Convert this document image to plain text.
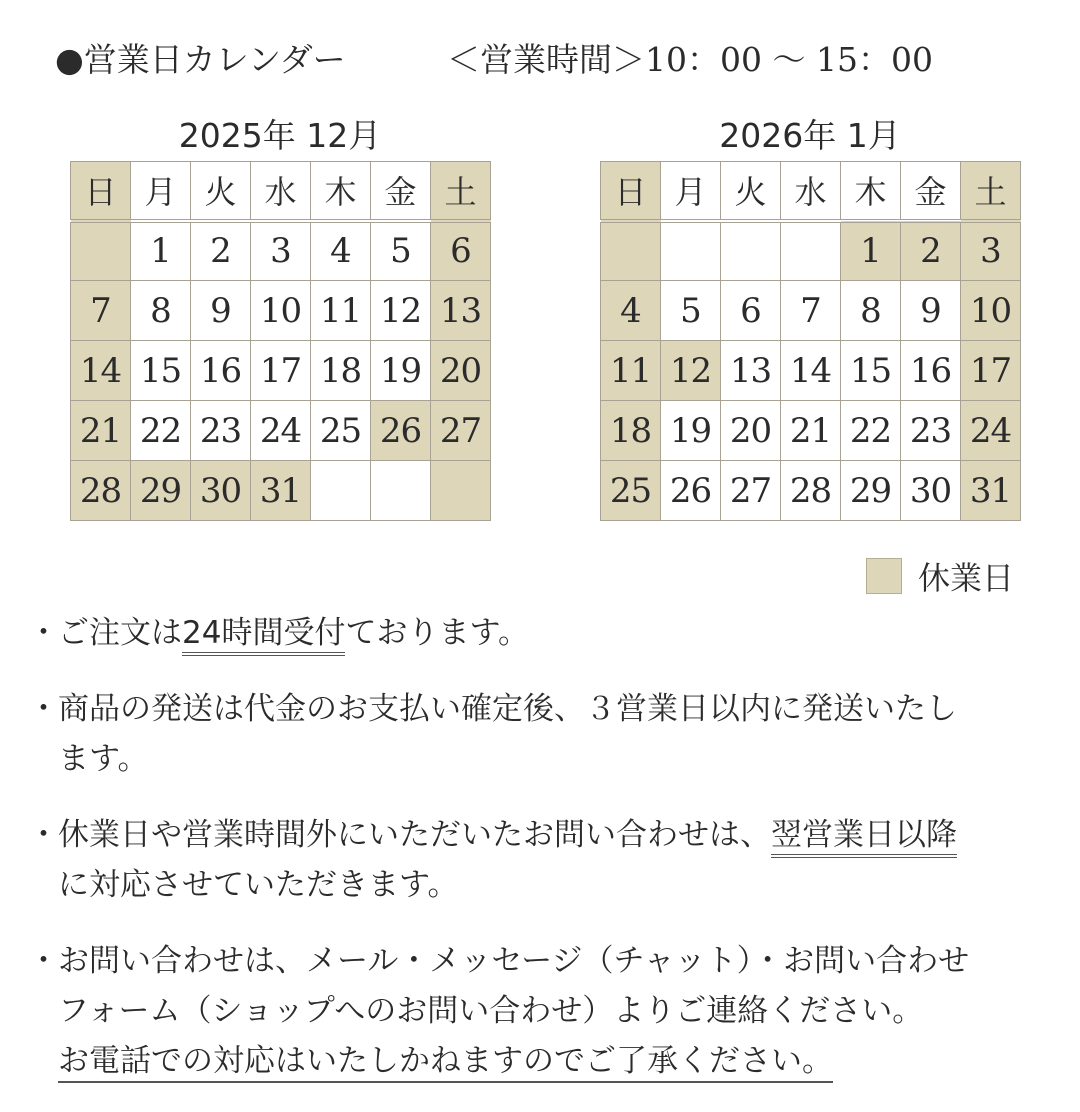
●営業日カレンダー	＜営業時間＞10：00 ～ 15：00
2025年 12月
日	月	火	水	木	金	土
	1	2	3	4	5	6
7	8	9	10	11	12	13
14	15	16	17	18	19	20
21	22	23	24	25	26	27
28	29	30	31			
2026年 1月
日	月	火	水	木	金	土
				1	2	3
4	5	6	7	8	9	10
11	12	13	14	15	16	17
18	19	20	21	22	23	24
25	26	27	28	29	30	31
休業日
・ ご注文は24時間受付ております。
・ 商品の発送は代金のお支払い確定後、３営業日以内に発送いたし
ます。
・ 休業日や営業時間外にいただいたお問い合わせは、翌営業日以降
に対応させていただきます。
・ お問い合わせは、メール・メッセージ（チャット）・お問い合わせ
フォーム（ショップへのお問い合わせ）よりご連絡ください。
お電話での対応はいたしかねますのでご了承ください。
